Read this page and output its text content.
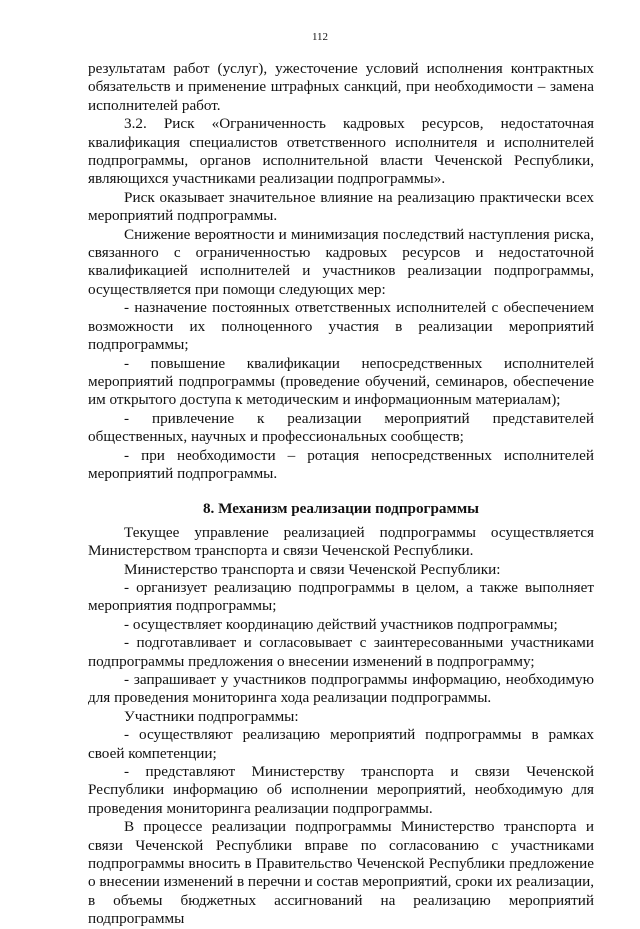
112

результатам работ (услуг), ужесточение условий исполнения контрактных обязательств и применение штрафных санкций, при необходимости – замена исполнителей работ.

3.2. Риск «Ограниченность кадровых ресурсов, недостаточная квалификация специалистов ответственного исполнителя и исполнителей подпрограммы, органов исполнительной власти Чеченской Республики, являющихся участниками реализации подпрограммы».

Риск оказывает значительное влияние на реализацию практически всех мероприятий подпрограммы.

Снижение вероятности и минимизация последствий наступления риска, связанного с ограниченностью кадровых ресурсов и недостаточной квалификацией исполнителей и участников реализации подпрограммы, осуществляется при помощи следующих мер:

- назначение постоянных ответственных исполнителей с обеспечением возможности их полноценного участия в реализации мероприятий подпрограммы;

- повышение квалификации непосредственных исполнителей мероприятий подпрограммы (проведение обучений, семинаров, обеспечение им открытого доступа к методическим и информационным материалам);

- привлечение к реализации мероприятий представителей общественных, научных и профессиональных сообществ;

- при необходимости – ротация непосредственных исполнителей мероприятий подпрограммы.

8. Механизм реализации подпрограммы

Текущее управление реализацией подпрограммы осуществляется Министерством транспорта и связи Чеченской Республики.

Министерство транспорта и связи Чеченской Республики:

- организует реализацию подпрограммы в целом, а также выполняет мероприятия подпрограммы;

- осуществляет координацию действий участников подпрограммы;

- подготавливает и согласовывает с заинтересованными участниками подпрограммы предложения о внесении изменений в подпрограмму;

- запрашивает у участников подпрограммы информацию, необходимую для проведения мониторинга хода реализации подпрограммы.

Участники подпрограммы:

- осуществляют реализацию мероприятий подпрограммы в рамках своей компетенции;

- представляют Министерству транспорта и связи Чеченской Республики информацию об исполнении мероприятий, необходимую для проведения мониторинга реализации подпрограммы.

В процессе реализации подпрограммы Министерство транспорта и связи Чеченской Республики вправе по согласованию с участниками подпрограммы вносить в Правительство Чеченской Республики предложение о внесении изменений в перечни и состав мероприятий, сроки их реализации, в объемы бюджетных ассигнований на реализацию мероприятий подпрограммы
